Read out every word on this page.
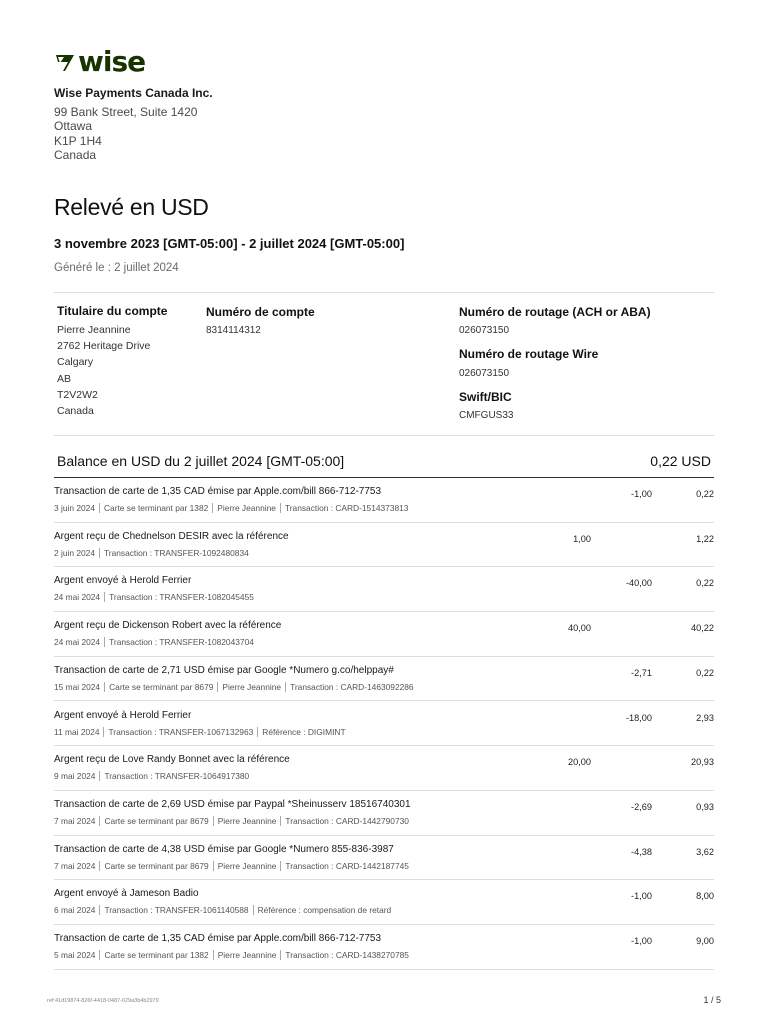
wise
Wise Payments Canada Inc.
99 Bank Street, Suite 1420
Ottawa
K1P 1H4
Canada
Relevé en USD
3 novembre 2023 [GMT-05:00] - 2 juillet 2024 [GMT-05:00]
Généré le : 2 juillet 2024
Titulaire du compte
Pierre Jeannine
2762 Heritage Drive
Calgary
AB
T2V2W2
Canada
Numéro de compte
8314114312
Numéro de routage (ACH or ABA)
026073150
Numéro de routage Wire
026073150
Swift/BIC
CMFGUS33
Balance en USD du 2 juillet 2024 [GMT-05:00]	0,22 USD
Transaction de carte de 1,35 CAD émise par Apple.com/bill 866-712-7753
3 juin 2024	Carte se terminant par 1382	Pierre Jeannine	Transaction : CARD-1514373813
-1,00	0,22
Argent reçu de Chednelson DESIR avec la référence
2 juin 2024	Transaction : TRANSFER-1092480834
1,00	1,22
Argent envoyé à Herold Ferrier
24 mai 2024	Transaction : TRANSFER-1082045455
-40,00	0,22
Argent reçu de Dickenson Robert avec la référence
24 mai 2024	Transaction : TRANSFER-1082043704
40,00	40,22
Transaction de carte de 2,71 USD émise par Google *Numero g.co/helppay#
15 mai 2024	Carte se terminant par 8679	Pierre Jeannine	Transaction : CARD-1463092286
-2,71	0,22
Argent envoyé à Herold Ferrier
11 mai 2024	Transaction : TRANSFER-1067132963	Référence : DIGIMINT
-18,00	2,93
Argent reçu de Love Randy Bonnet avec la référence
9 mai 2024	Transaction : TRANSFER-1064917380
20,00	20,93
Transaction de carte de 2,69 USD émise par Paypal *Sheinusserv 18516740301
7 mai 2024	Carte se terminant par 8679	Pierre Jeannine	Transaction : CARD-1442790730
-2,69	0,93
Transaction de carte de 4,38 USD émise par Google *Numero 855-836-3987
7 mai 2024	Carte se terminant par 8679	Pierre Jeannine	Transaction : CARD-1442187745
-4,38	3,62
Argent envoyé à Jameson Badio
6 mai 2024	Transaction : TRANSFER-1061140588	Référence : compensation de retard
-1,00	8,00
Transaction de carte de 1,35 CAD émise par Apple.com/bill 866-712-7753
5 mai 2024	Carte se terminant par 1382	Pierre Jeannine	Transaction : CARD-1438270785
-1,00	9,00
ref:41d19874-826f-4418-0487-029a3b4b2979	1 / 5
